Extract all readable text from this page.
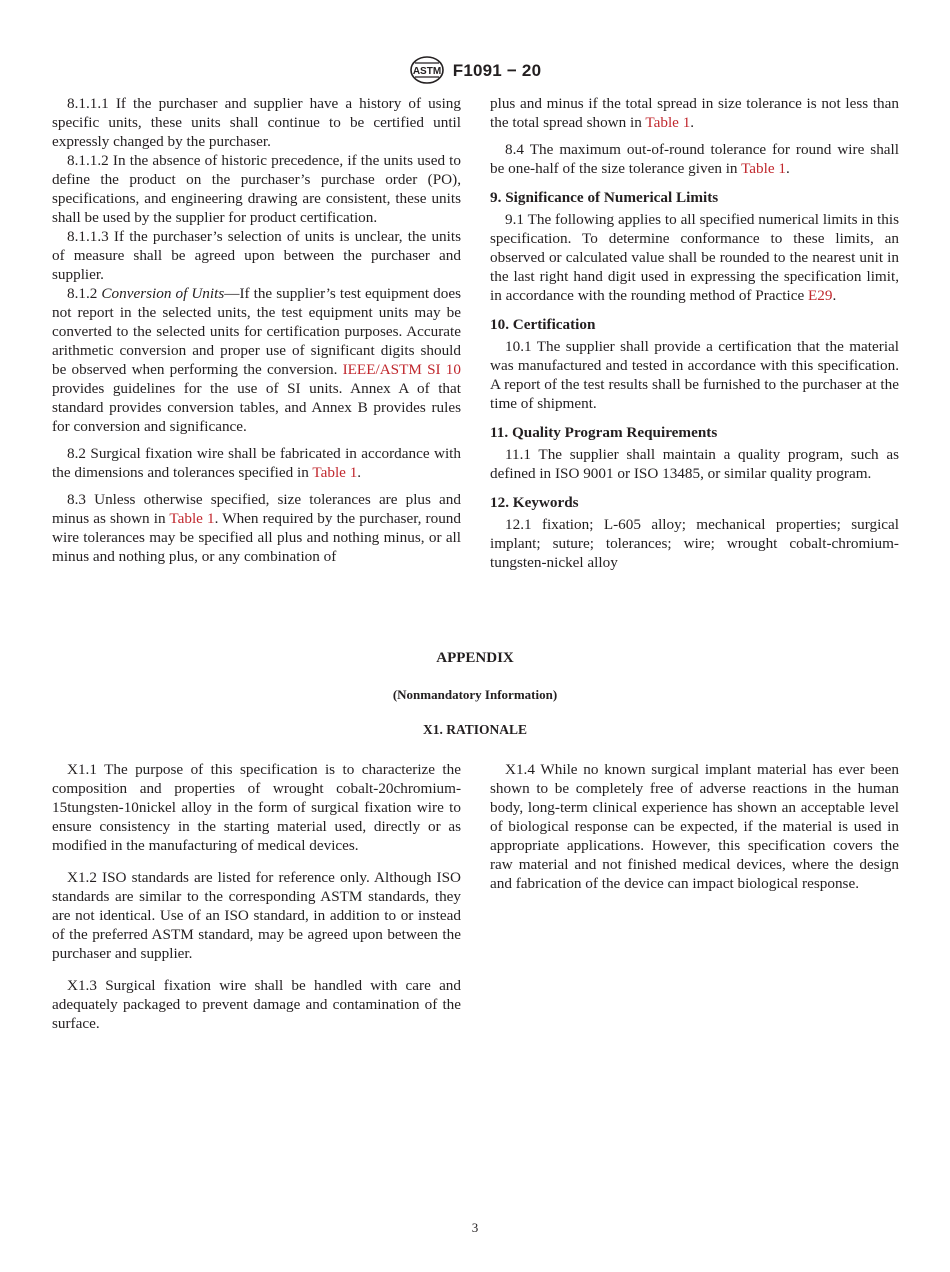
ASTM F1091 − 20

8.1.1.1 If the purchaser and supplier have a history of using specific units, these units shall continue to be certified until expressly changed by the purchaser.

8.1.1.2 In the absence of historic precedence, if the units used to define the product on the purchaser’s purchase order (PO), specifications, and engineering drawing are consistent, these units shall be used by the supplier for product certification.

8.1.1.3 If the purchaser’s selection of units is unclear, the units of measure shall be agreed upon between the purchaser and supplier.

8.1.2 Conversion of Units—If the supplier’s test equipment does not report in the selected units, the test equipment units may be converted to the selected units for certification purposes. Accurate arithmetic conversion and proper use of significant digits should be observed when performing the conversion. IEEE/ASTM SI 10 provides guidelines for the use of SI units. Annex A of that standard provides conversion tables, and Annex B provides rules for conversion and significance.

8.2 Surgical fixation wire shall be fabricated in accordance with the dimensions and tolerances specified in Table 1.

8.3 Unless otherwise specified, size tolerances are plus and minus as shown in Table 1. When required by the purchaser, round wire tolerances may be specified all plus and nothing minus, or all minus and nothing plus, or any combination of

plus and minus if the total spread in size tolerance is not less than the total spread shown in Table 1.

8.4 The maximum out-of-round tolerance for round wire shall be one-half of the size tolerance given in Table 1.

9. Significance of Numerical Limits

9.1 The following applies to all specified numerical limits in this specification. To determine conformance to these limits, an observed or calculated value shall be rounded to the nearest unit in the last right hand digit used in expressing the specification limit, in accordance with the rounding method of Practice E29.

10. Certification

10.1 The supplier shall provide a certification that the material was manufactured and tested in accordance with this specification. A report of the test results shall be furnished to the purchaser at the time of shipment.

11. Quality Program Requirements

11.1 The supplier shall maintain a quality program, such as defined in ISO 9001 or ISO 13485, or similar quality program.

12. Keywords

12.1 fixation; L-605 alloy; mechanical properties; surgical implant; suture; tolerances; wire; wrought cobalt-chromium-tungsten-nickel alloy

APPENDIX
(Nonmandatory Information)
X1. RATIONALE

X1.1 The purpose of this specification is to characterize the composition and properties of wrought cobalt-20chromium-15tungsten-10nickel alloy in the form of surgical fixation wire to ensure consistency in the starting material used, directly or as modified in the manufacturing of medical devices.

X1.2 ISO standards are listed for reference only. Although ISO standards are similar to the corresponding ASTM standards, they are not identical. Use of an ISO standard, in addition to or instead of the preferred ASTM standard, may be agreed upon between the purchaser and supplier.

X1.3 Surgical fixation wire shall be handled with care and adequately packaged to prevent damage and contamination of the surface.

X1.4 While no known surgical implant material has ever been shown to be completely free of adverse reactions in the human body, long-term clinical experience has shown an acceptable level of biological response can be expected, if the material is used in appropriate applications. However, this specification covers the raw material and not finished medical devices, where the design and fabrication of the device can impact biological response.

3
